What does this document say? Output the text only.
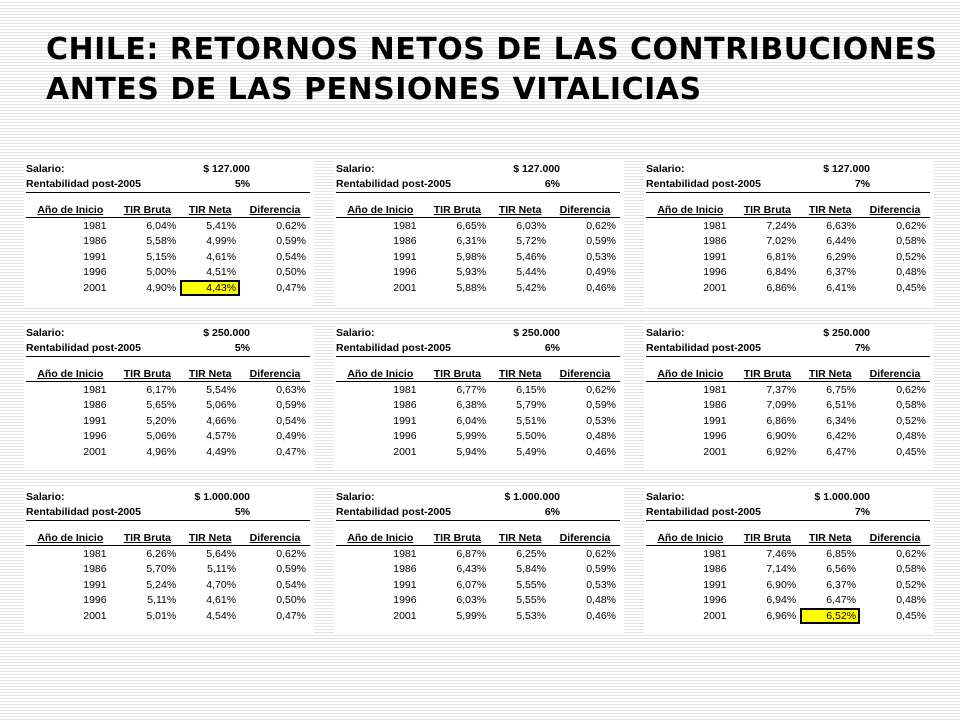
CHILE: RETORNOS NETOS DE LAS CONTRIBUCIONES
ANTES DE LAS PENSIONES VITALICIAS
Salario:	$ 127.000
Rentabilidad post-2005	5%
Año de Inicio	TIR Bruta	TIR Neta	Diferencia
1981	6,04%	5,41%	0,62%
1986	5,58%	4,99%	0,59%
1991	5,15%	4,61%	0,54%
1996	5,00%	4,51%	0,50%
2001	4,90%	4,43%	0,47%
Salario:	$ 127.000
Rentabilidad post-2005	6%
Año de Inicio	TIR Bruta	TIR Neta	Diferencia
1981	6,65%	6,03%	0,62%
1986	6,31%	5,72%	0,59%
1991	5,98%	5,46%	0,53%
1996	5,93%	5,44%	0,49%
2001	5,88%	5,42%	0,46%
Salario:	$ 127.000
Rentabilidad post-2005	7%
Año de Inicio	TIR Bruta	TIR Neta	Diferencia
1981	7,24%	6,63%	0,62%
1986	7,02%	6,44%	0,58%
1991	6,81%	6,29%	0,52%
1996	6,84%	6,37%	0,48%
2001	6,86%	6,41%	0,45%
Salario:	$ 250.000
Rentabilidad post-2005	5%
Año de Inicio	TIR Bruta	TIR Neta	Diferencia
1981	6,17%	5,54%	0,63%
1986	5,65%	5,06%	0,59%
1991	5,20%	4,66%	0,54%
1996	5,06%	4,57%	0,49%
2001	4,96%	4,49%	0,47%
Salario:	$ 250.000
Rentabilidad post-2005	6%
Año de Inicio	TIR Bruta	TIR Neta	Diferencia
1981	6,77%	6,15%	0,62%
1986	6,38%	5,79%	0,59%
1991	6,04%	5,51%	0,53%
1996	5,99%	5,50%	0,48%
2001	5,94%	5,49%	0,46%
Salario:	$ 250.000
Rentabilidad post-2005	7%
Año de Inicio	TIR Bruta	TIR Neta	Diferencia
1981	7,37%	6,75%	0,62%
1986	7,09%	6,51%	0,58%
1991	6,86%	6,34%	0,52%
1996	6,90%	6,42%	0,48%
2001	6,92%	6,47%	0,45%
Salario:	$ 1.000.000
Rentabilidad post-2005	5%
Año de Inicio	TIR Bruta	TIR Neta	Diferencia
1981	6,26%	5,64%	0,62%
1986	5,70%	5,11%	0,59%
1991	5,24%	4,70%	0,54%
1996	5,11%	4,61%	0,50%
2001	5,01%	4,54%	0,47%
Salario:	$ 1.000.000
Rentabilidad post-2005	6%
Año de Inicio	TIR Bruta	TIR Neta	Diferencia
1981	6,87%	6,25%	0,62%
1986	6,43%	5,84%	0,59%
1991	6,07%	5,55%	0,53%
1996	6,03%	5,55%	0,48%
2001	5,99%	5,53%	0,46%
Salario:	$ 1.000.000
Rentabilidad post-2005	7%
Año de Inicio	TIR Bruta	TIR Neta	Diferencia
1981	7,46%	6,85%	0,62%
1986	7,14%	6,56%	0,58%
1991	6,90%	6,37%	0,52%
1996	6,94%	6,47%	0,48%
2001	6,96%	6,52%	0,45%
